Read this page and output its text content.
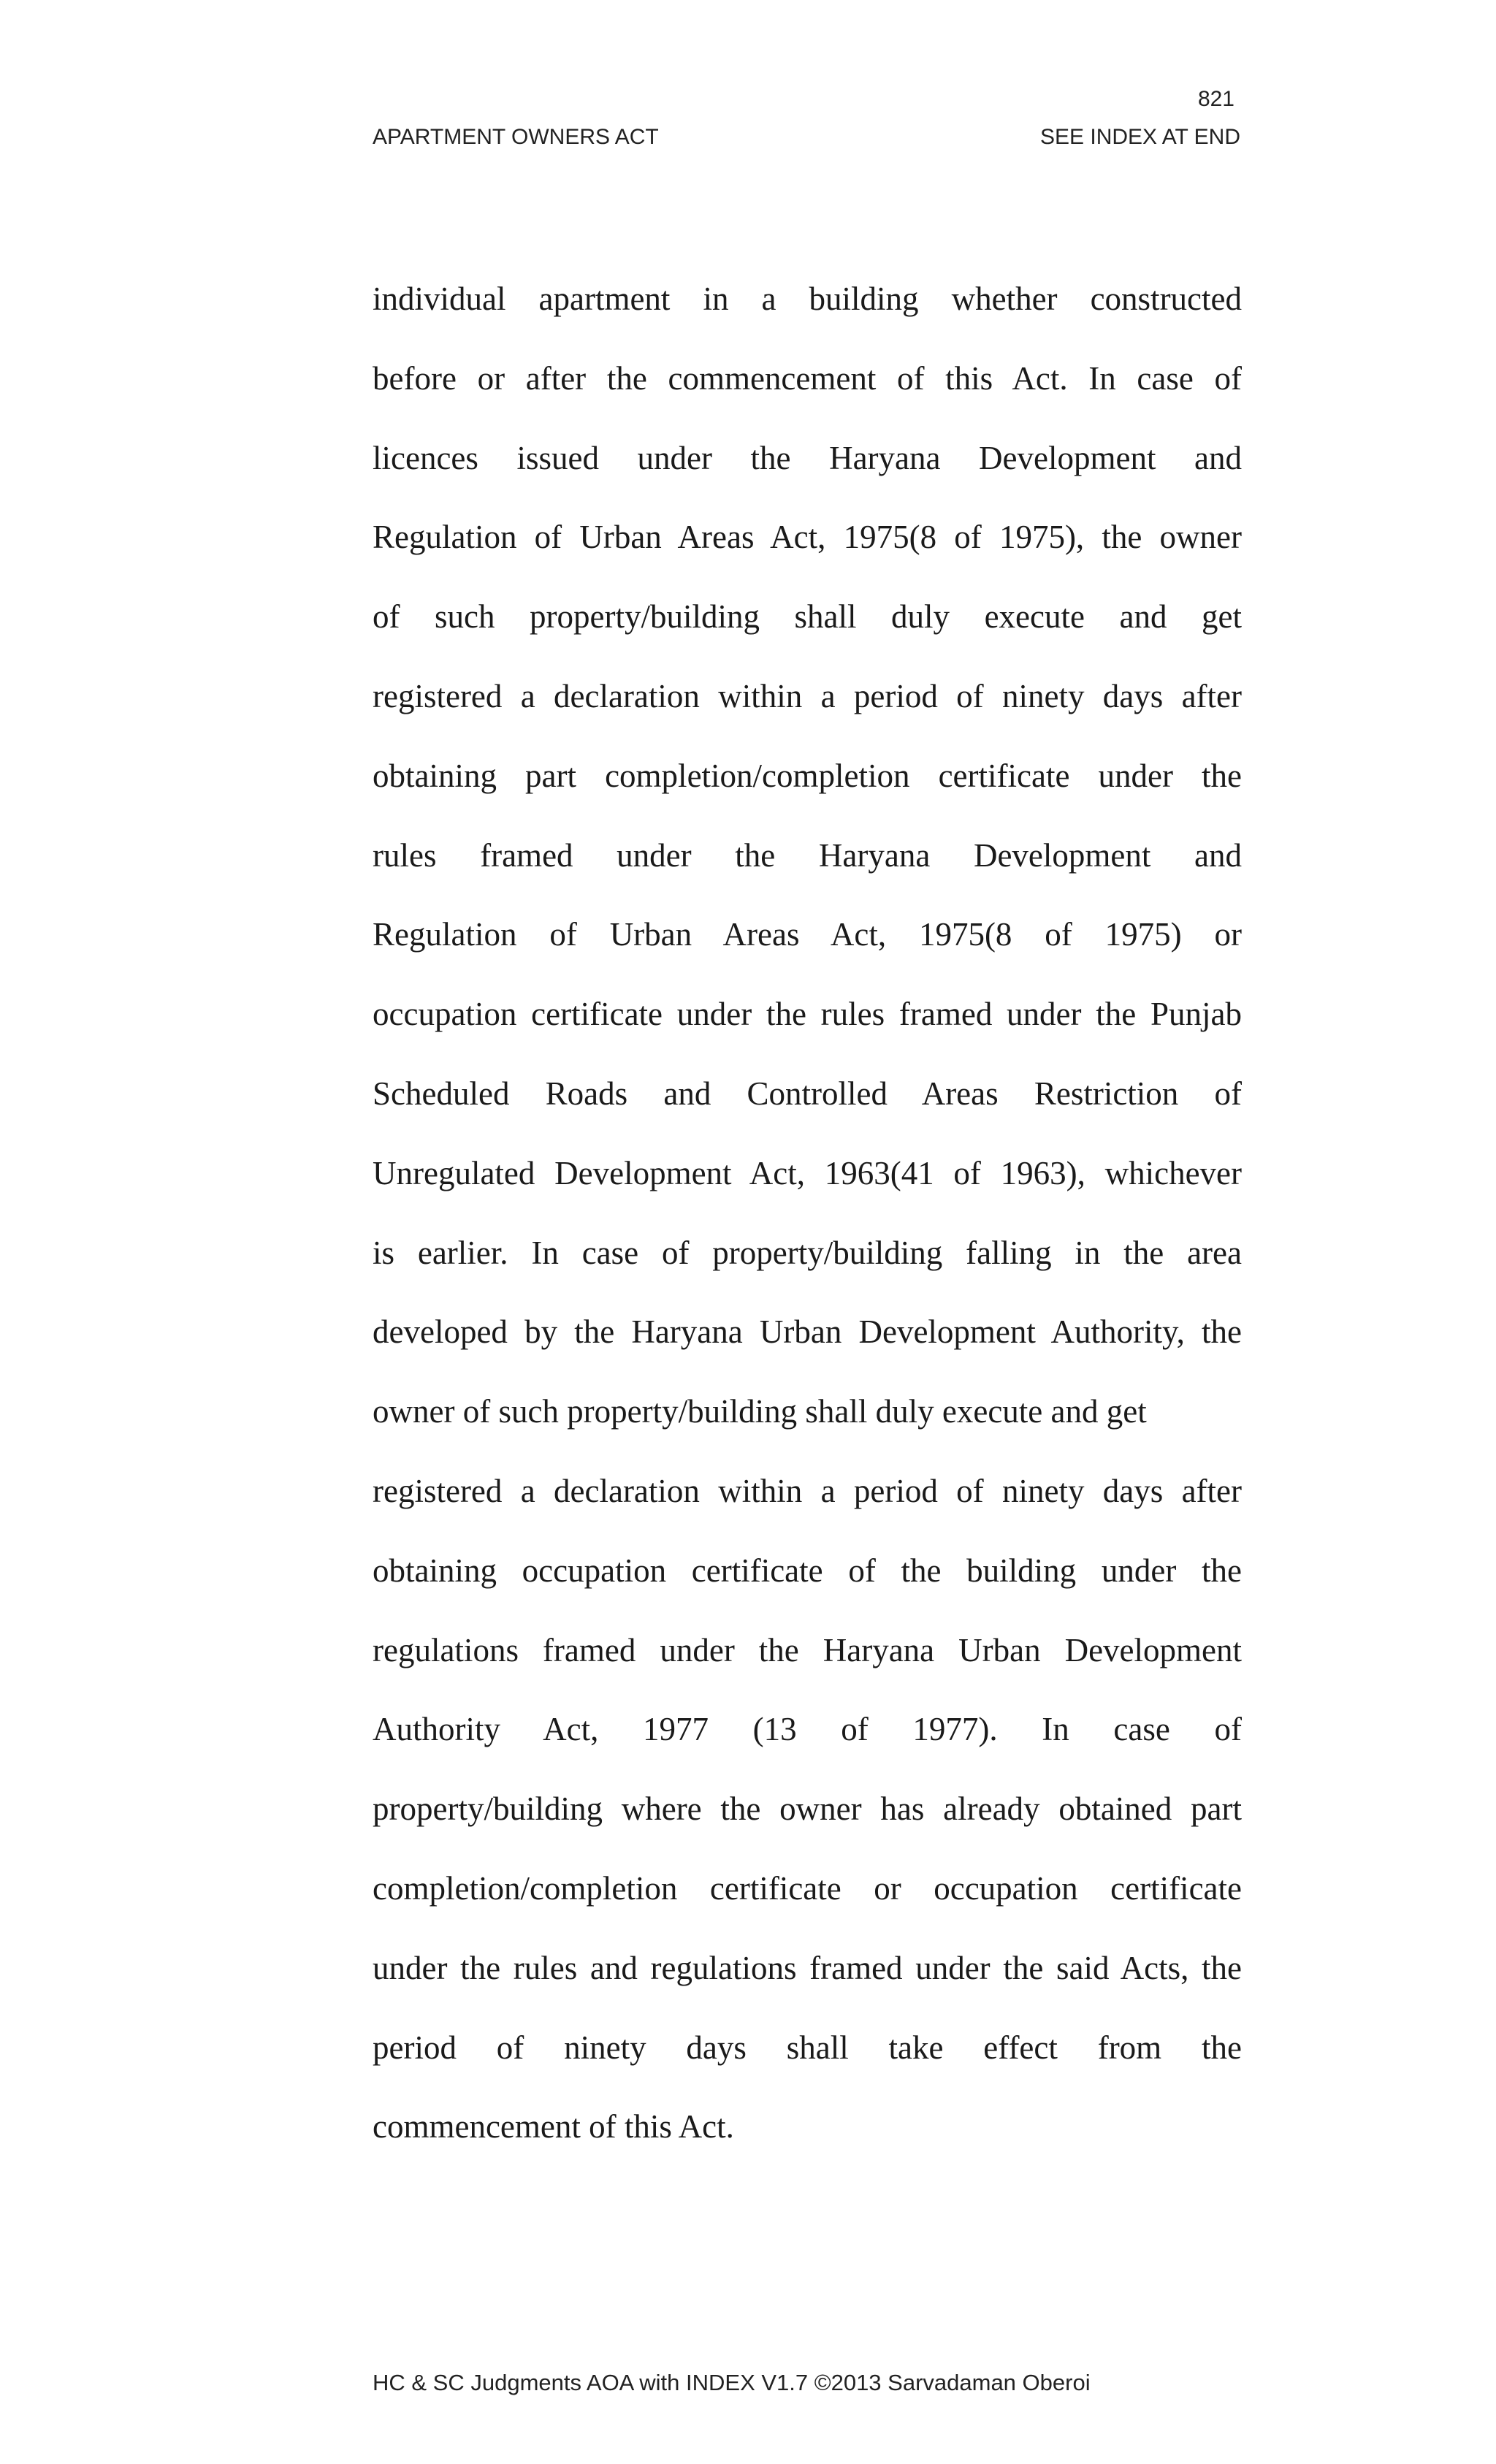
821
APARTMENT OWNERS ACT	SEE INDEX AT END
individual apartment in a building whether constructed
before or after the commencement of this Act. In case of
licences issued under the Haryana Development and
Regulation of Urban Areas Act, 1975(8 of 1975), the owner
of such property/building shall duly execute and get
registered a declaration within a period of ninety days after
obtaining part completion/completion certificate under the
rules framed under the Haryana Development and
Regulation of Urban Areas Act, 1975(8 of 1975) or
occupation certificate under the rules framed under the Punjab
Scheduled Roads and Controlled Areas Restriction of
Unregulated Development Act, 1963(41 of 1963), whichever
is earlier. In case of property/building falling in the area
developed by the Haryana Urban Development Authority, the
owner of such property/building shall duly execute and get
registered a declaration within a period of ninety days after
obtaining occupation certificate of the building under the
regulations framed under the Haryana Urban Development
Authority Act, 1977 (13 of 1977). In case of
property/building where the owner has already obtained part
completion/completion certificate or occupation certificate
under the rules and regulations framed under the said Acts, the
period of ninety days shall take effect from the
commencement of this Act.
HC & SC Judgments AOA with INDEX V1.7 ©2013 Sarvadaman Oberoi
